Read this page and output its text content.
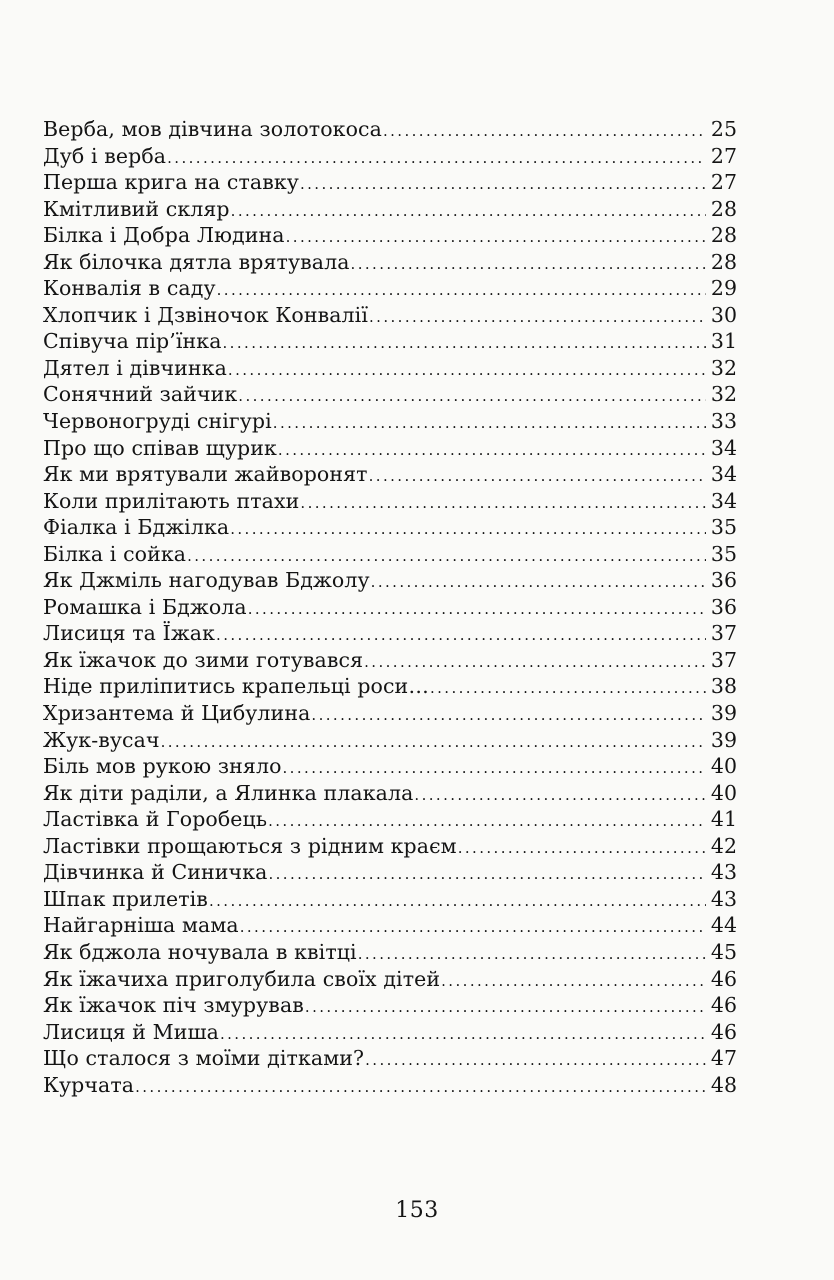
Верба, мов дівчина золотокоса .....	25
Дуб і верба .....	27
Перша крига на ставку .....	27
Кмітливий скляр .....	28
Білка і Добра Людина .....	28
Як білочка дятла врятувала .....	28
Конвалія в саду .....	29
Хлопчик і Дзвіночок Конвалії .....	30
Співуча пір’їнка .....	31
Дятел і дівчинка .....	32
Сонячний зайчик .....	32
Червоногруді снігурі .....	33
Про що співав щурик .....	34
Як ми врятували жайворонят .....	34
Коли прилітають птахи .....	34
Фіалка і Бджілка .....	35
Білка і сойка .....	35
Як Джміль нагодував Бджолу .....	36
Ромашка і Бджола .....	36
Лисиця та Їжак .....	37
Як їжачок до зими готувався .....	37
Ніде приліпитись крапельці роси… .....	38
Хризантема й Цибулина .....	39
Жук-вусач .....	39
Біль мов рукою зняло .....	40
Як діти раділи, а Ялинка плакала .....	40
Ластівка й Горобець .....	41
Ластівки прощаються з рідним краєм .....	42
Дівчинка й Синичка .....	43
Шпак прилетів .....	43
Найгарніша мама .....	44
Як бджола ночувала в квітці .....	45
Як їжачиха приголубила своїх дітей .....	46
Як їжачок піч змурував .....	46
Лисиця й Миша .....	46
Що сталося з моїми дітками? .....	47
Курчата .....	48
153
